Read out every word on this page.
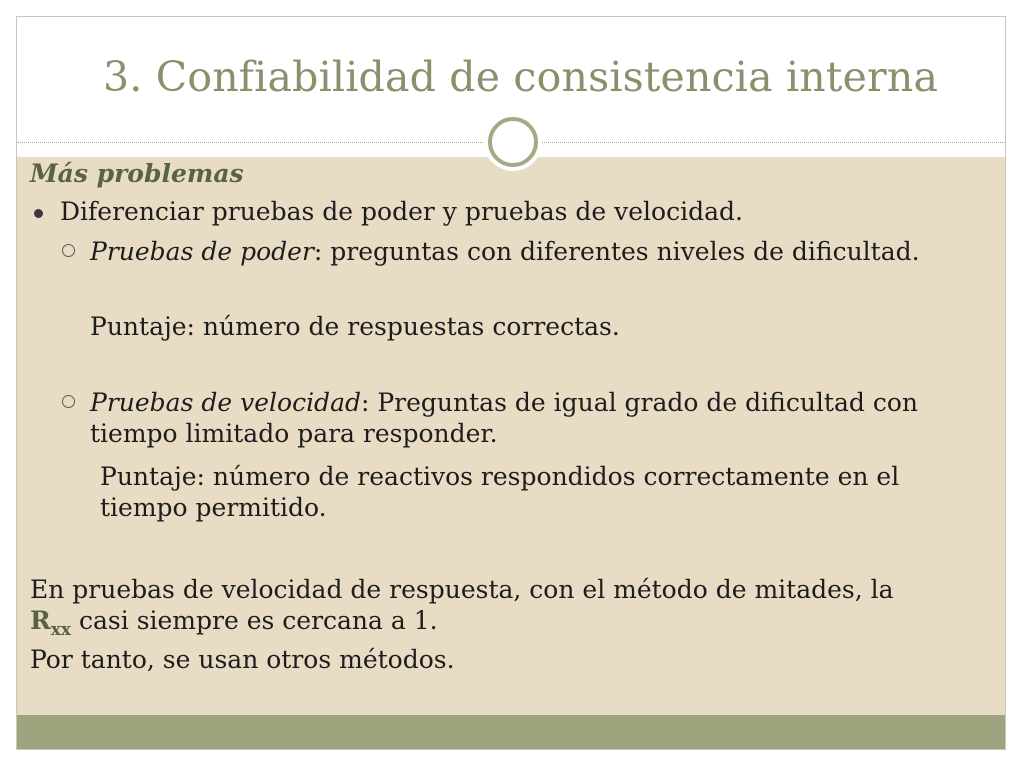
3. Confiabilidad de consistencia interna
Más problemas
Diferenciar pruebas de poder y pruebas de velocidad.
Pruebas de poder: preguntas con diferentes niveles de dificultad.
Puntaje: número de respuestas correctas.
Pruebas de velocidad: Preguntas de igual grado de dificultad con tiempo limitado para responder.
Puntaje: número de reactivos respondidos correctamente en el tiempo permitido.
En pruebas de velocidad de respuesta, con el método de mitades, la $R_{xx}$ casi siempre es cercana a 1.
Por tanto, se usan otros métodos.
